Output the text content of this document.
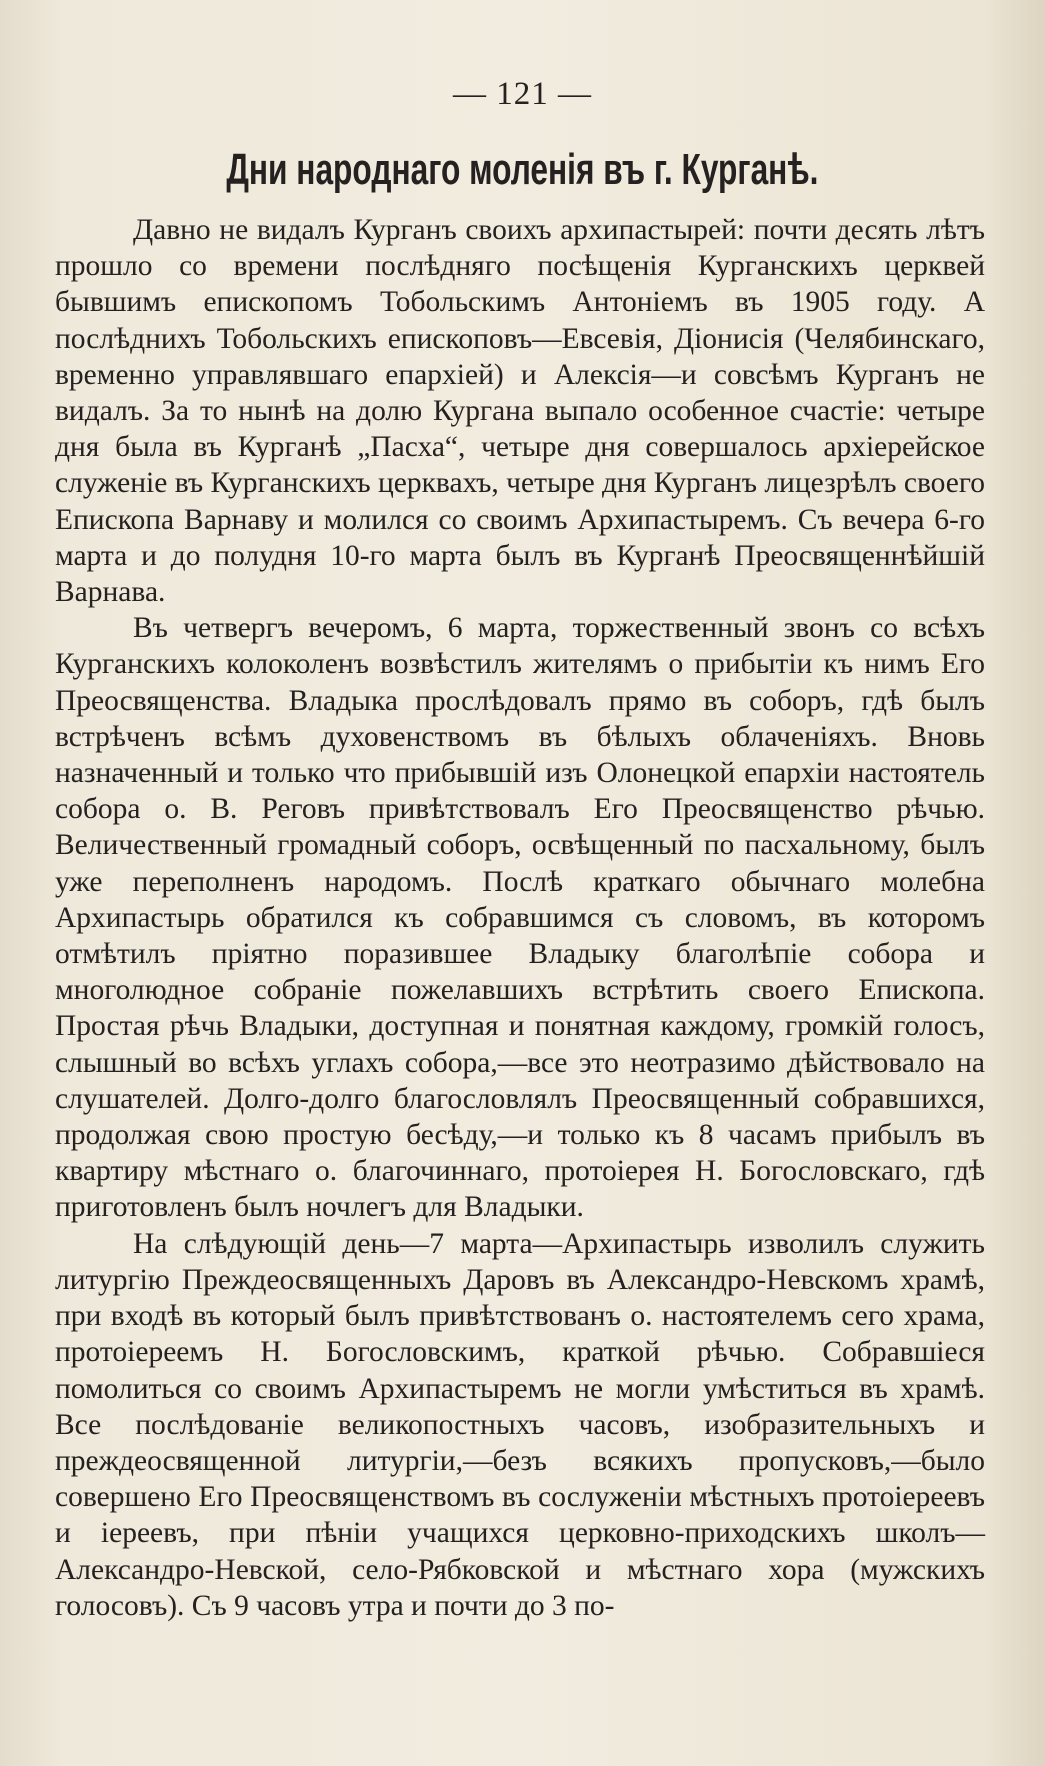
— 121 —
Дни народнаго моленія въ г. Курганѣ.

Давно не видалъ Курганъ своихъ архипастырей: почти десять лѣтъ прошло со времени послѣдняго посѣщенія Курганскихъ церквей бывшимъ епископомъ Тобольскимъ Антоніемъ въ 1905 году. А послѣднихъ Тобольскихъ епископовъ—Евсевія, Діонисія (Челябинскаго, временно управлявшаго епархіей) и Алексія—и совсѣмъ Курганъ не видалъ. За то нынѣ на долю Кургана выпало особенное счастіе: четыре дня была въ Курганѣ „Пасха“, четыре дня совершалось архіерейское служеніе въ Курганскихъ церквахъ, четыре дня Курганъ лицезрѣлъ своего Епископа Варнаву и молился со своимъ Архипастыремъ. Съ вечера 6-го марта и до полудня 10-го марта былъ въ Курганѣ Преосвященнѣйшій Варнава.

Въ четвергъ вечеромъ, 6 марта, торжественный звонъ со всѣхъ Курганскихъ колоколенъ возвѣстилъ жителямъ о прибытіи къ нимъ Его Преосвященства. Владыка прослѣдовалъ прямо въ соборъ, гдѣ былъ встрѣченъ всѣмъ духовенствомъ въ бѣлыхъ облаченіяхъ. Вновь назначенный и только что прибывшій изъ Олонецкой епархіи настоятель собора о. В. Реговъ привѣтствовалъ Его Преосвященство рѣчью. Величественный громадный соборъ, освѣщенный по пасхальному, былъ уже переполненъ народомъ. Послѣ краткаго обычнаго молебна Архипастырь обратился къ собравшимся съ словомъ, въ которомъ отмѣтилъ пріятно поразившее Владыку благолѣпіе собора и многолюдное собраніе пожелавшихъ встрѣтить своего Епископа. Простая рѣчь Владыки, доступная и понятная каждому, громкій голосъ, слышный во всѣхъ углахъ собора,—все это неотразимо дѣйствовало на слушателей. Долго-долго благословлялъ Преосвященный собравшихся, продолжая свою простую бесѣду,—и только къ 8 часамъ прибылъ въ квартиру мѣстнаго о. благочиннаго, протоіерея Н. Богословскаго, гдѣ приготовленъ былъ ночлегъ для Владыки.

На слѣдующій день—7 марта—Архипастырь изволилъ служить литургію Преждеосвященныхъ Даровъ въ Александро-Невскомъ храмѣ, при входѣ въ который былъ привѣтствованъ о. настоятелемъ сего храма, протоіереемъ Н. Богословскимъ, краткой рѣчью. Собравшіеся помолиться со своимъ Архипастыремъ не могли умѣститься въ храмѣ. Все послѣдованіе великопостныхъ часовъ, изобразительныхъ и преждеосвященной литургіи,—безъ всякихъ пропусковъ,—было совершено Его Преосвященствомъ въ сослуженіи мѣстныхъ протоіереевъ и іереевъ, при пѣніи учащихся церковно-приходскихъ школъ—Александро-Невской, село-Рябковской и мѣстнаго хора (мужскихъ голосовъ). Съ 9 часовъ утра и почти до 3 по-
